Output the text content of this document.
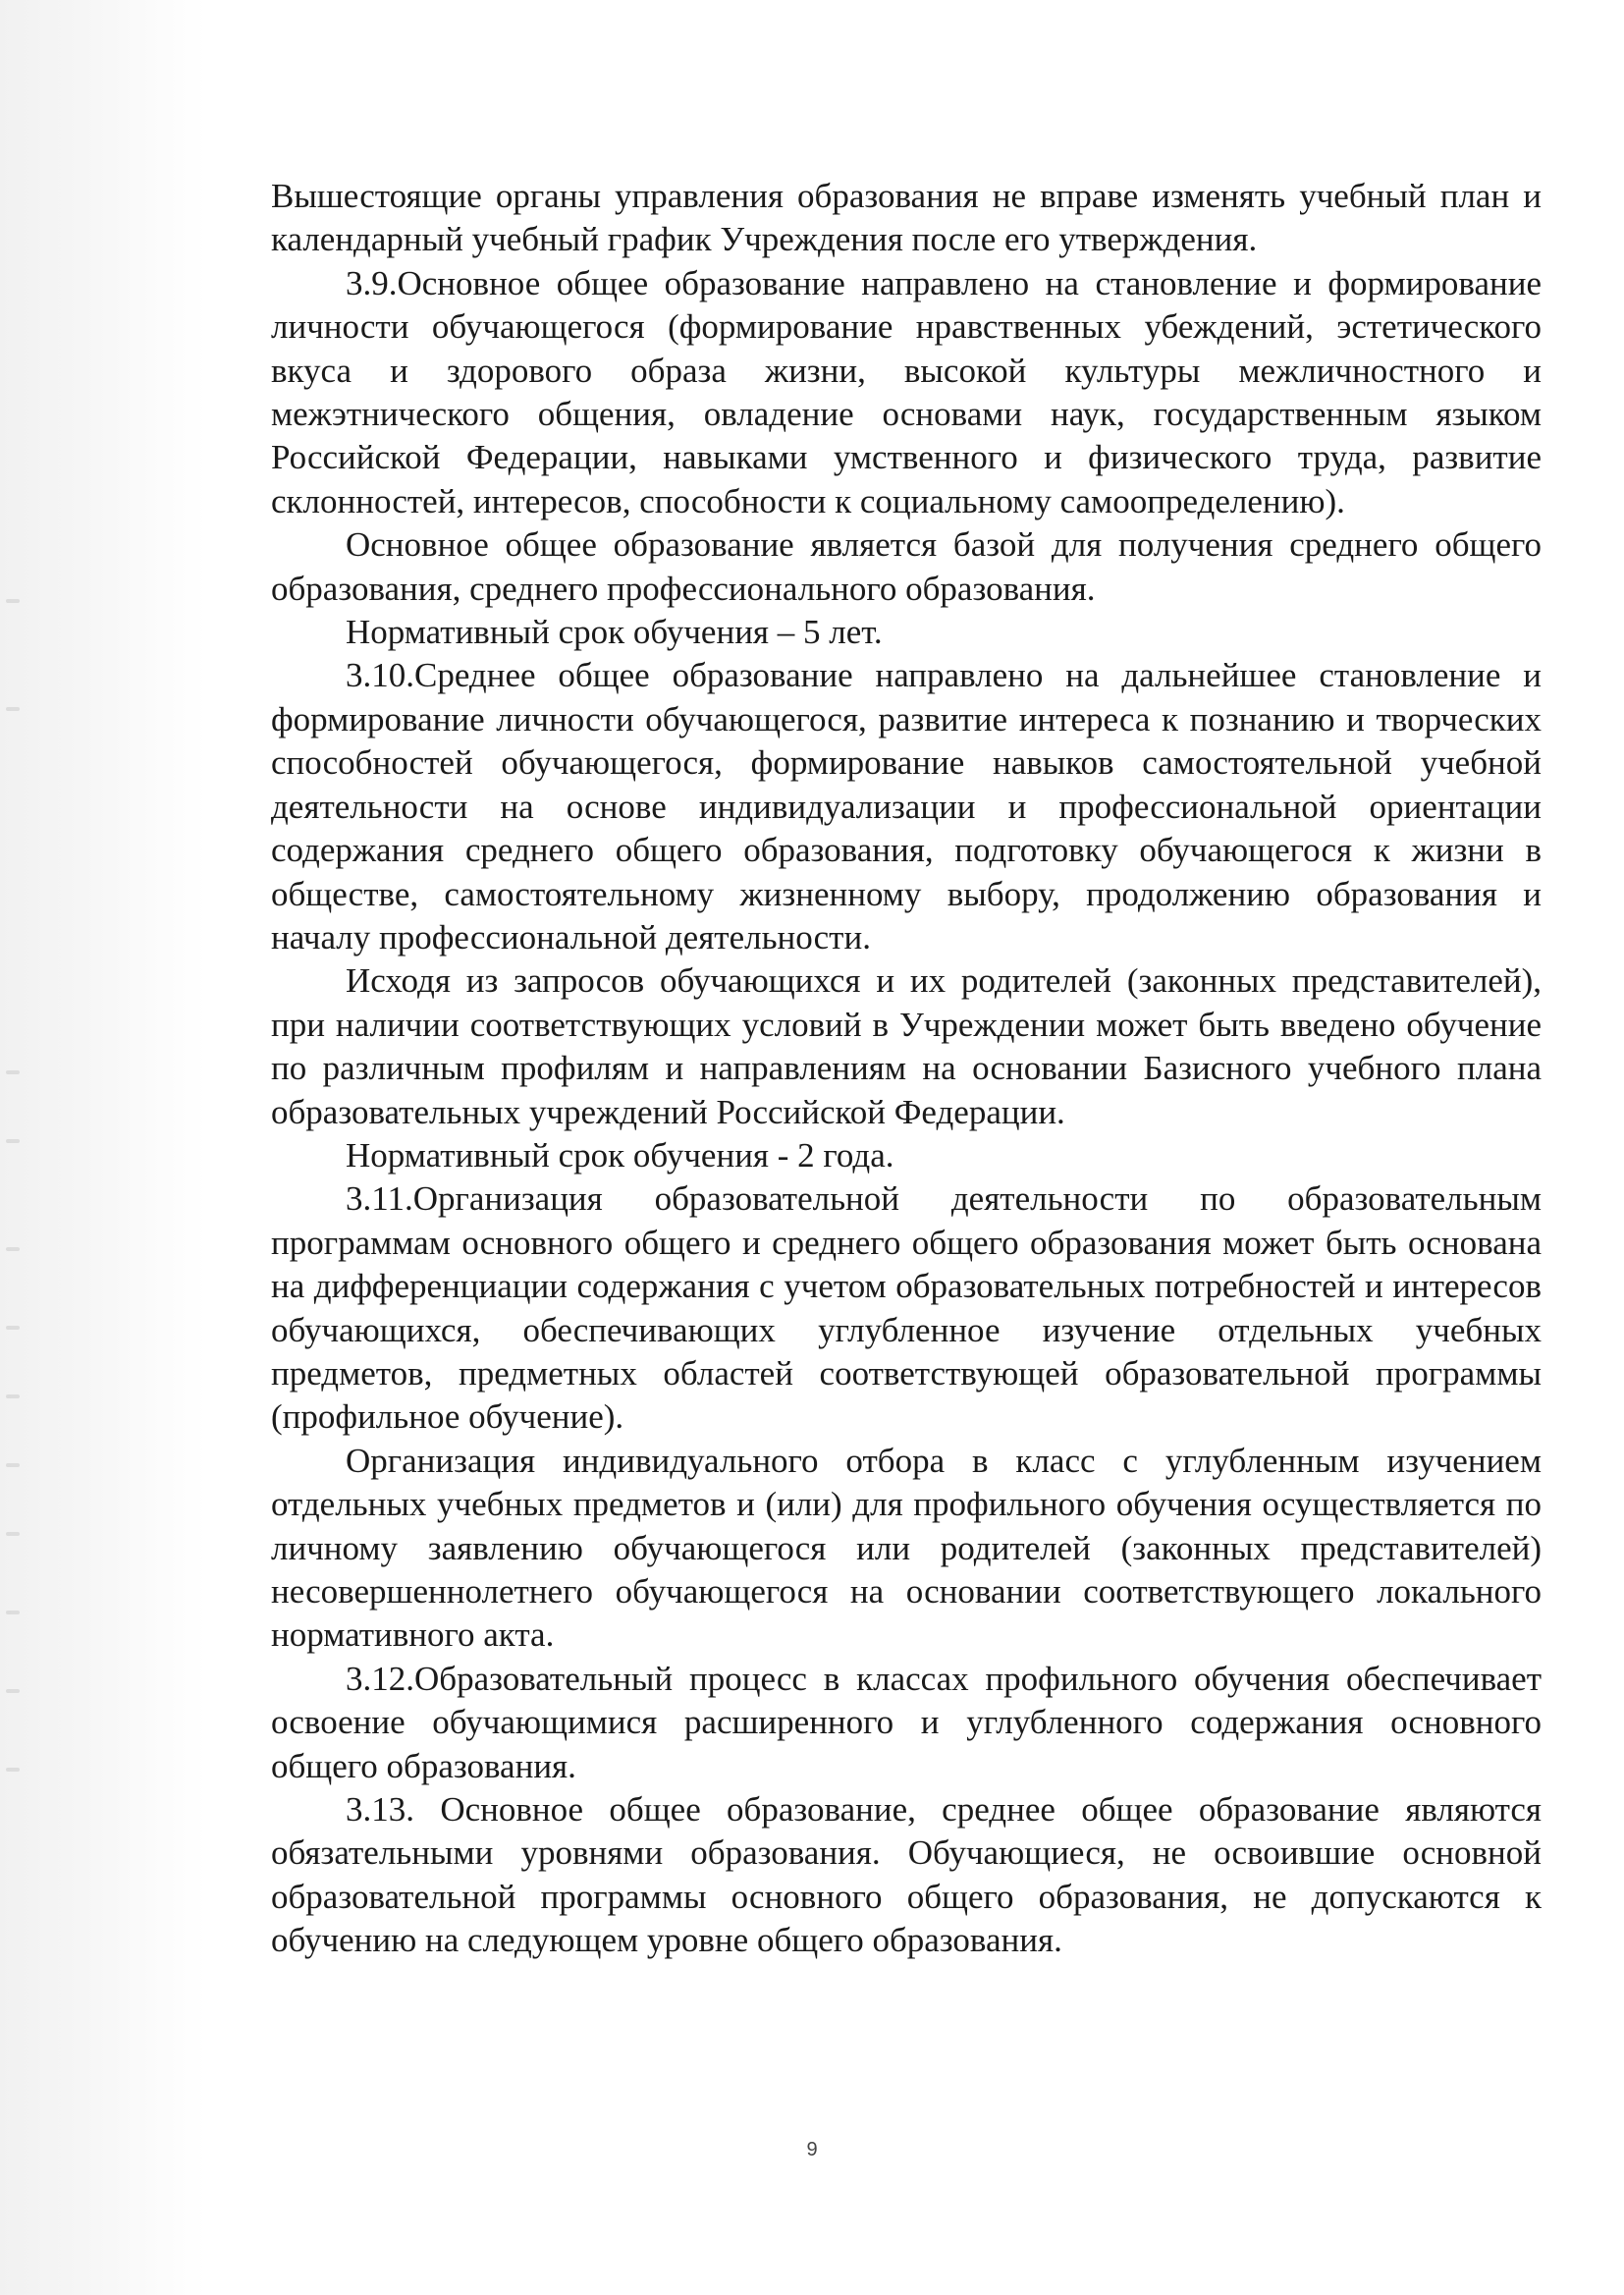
Вышестоящие органы управления образования не вправе изменять учебный план и календарный учебный график Учреждения после его утверждения.

3.9.Основное общее образование направлено на становление и формирование личности обучающегося (формирование нравственных убеждений, эстетического вкуса и здорового образа жизни, высокой культуры межличностного и межэтнического общения, овладение основами наук, государственным языком Российской Федерации, навыками умственного и физического труда, развитие склонностей, интересов, способности к социальному самоопределению).

Основное общее образование является базой для получения среднего общего образования, среднего профессионального образования.

Нормативный срок обучения – 5 лет.

3.10.Среднее общее образование направлено на дальнейшее становление и формирование личности обучающегося, развитие интереса к познанию и творческих способностей обучающегося, формирование навыков самостоятельной учебной деятельности на основе индивидуализации и профессиональной ориентации содержания среднего общего образования, подготовку обучающегося к жизни в обществе, самостоятельному жизненному выбору, продолжению образования и началу профессиональной деятельности.

Исходя из запросов обучающихся и их родителей (законных представителей), при наличии соответствующих условий в Учреждении может быть введено обучение по различным профилям и направлениям на основании Базисного учебного плана образовательных учреждений Российской Федерации.

Нормативный срок обучения - 2 года.

3.11.Организация образовательной деятельности по образовательным программам основного общего и среднего общего образования может быть основана на дифференциации содержания с учетом образовательных потребностей и интересов обучающихся, обеспечивающих углубленное изучение отдельных учебных предметов, предметных областей соответствующей образовательной программы (профильное обучение).

Организация индивидуального отбора в класс с углубленным изучением отдельных учебных предметов и (или) для профильного обучения осуществляется по личному заявлению обучающегося или родителей (законных представителей) несовершеннолетнего обучающегося на основании соответствующего локального нормативного акта.

3.12.Образовательный процесс в классах профильного обучения обеспечивает освоение обучающимися расширенного и углубленного содержания основного общего образования.

3.13. Основное общее образование, среднее общее образование являются обязательными уровнями образования. Обучающиеся, не освоившие основной образовательной программы основного общего образования, не допускаются к обучению на следующем уровне общего образования.

9
